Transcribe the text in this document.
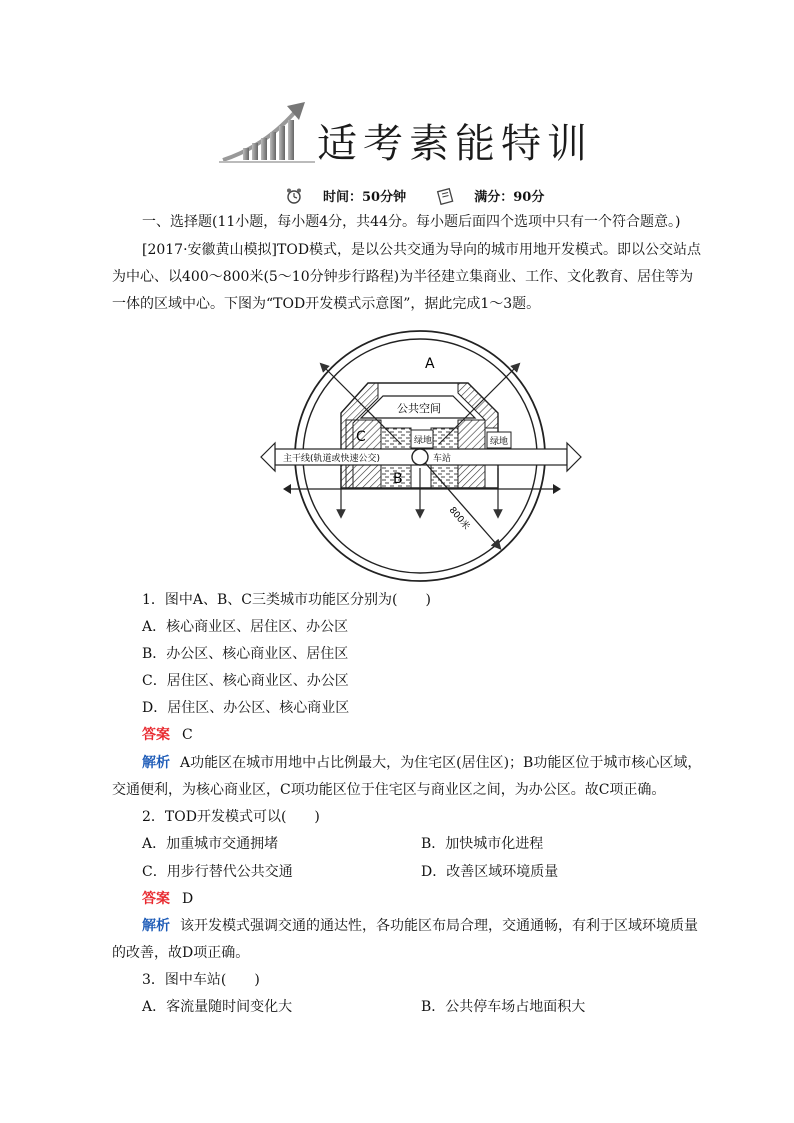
适考素能特训
时间：50分钟	满分：90分
一、选择题(11小题，每小题4分，共44分。每小题后面四个选项中只有一个符合题意。)
[2017·安徽黄山模拟]TOD模式，是以公共交通为导向的城市用地开发模式。即以公交站点
为中心、以400～800米(5～10分钟步行路程)为半径建立集商业、工作、文化教育、居住等为
一体的区域中心。下图为“TOD开发模式示意图”，据此完成1～3题。
A
公共空间
C	绿地	绿地
主干线(轨道或快速公交)	车站
B
800米
1．图中A、B、C三类城市功能区分别为(　　)
A．核心商业区、居住区、办公区
B．办公区、核心商业区、居住区
C．居住区、核心商业区、办公区
D．居住区、办公区、核心商业区
答案 C
解析 A功能区在城市用地中占比例最大，为住宅区(居住区)；B功能区位于城市核心区域，
交通便利，为核心商业区，C项功能区位于住宅区与商业区之间，为办公区。故C项正确。
2．TOD开发模式可以(　　)
A．加重城市交通拥堵	B．加快城市化进程
C．用步行替代公共交通	D．改善区域环境质量
答案 D
解析 该开发模式强调交通的通达性，各功能区布局合理，交通通畅，有利于区域环境质量
的改善，故D项正确。
3．图中车站(　　)
A．客流量随时间变化大	B．公共停车场占地面积大
